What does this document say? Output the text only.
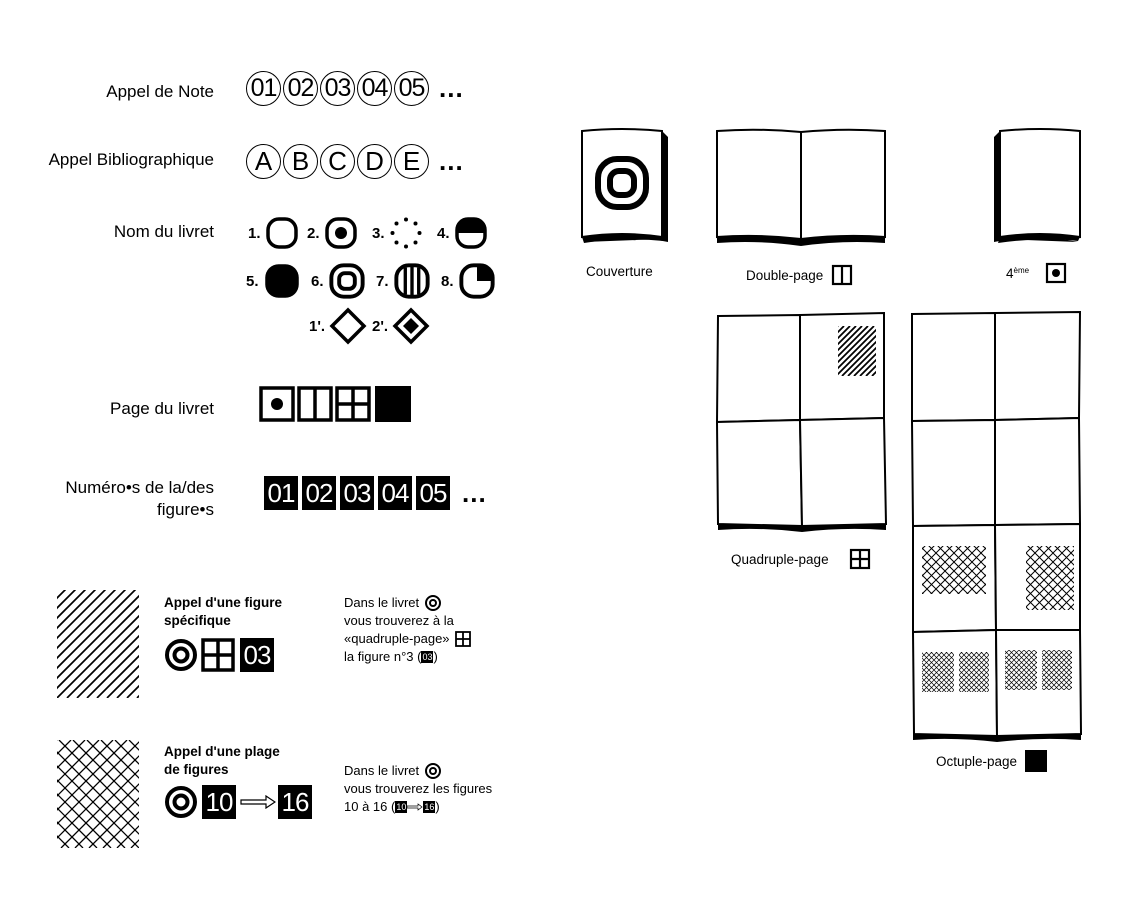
Appel de Note 01 02 03 04 05 ...
Appel Bibliographique	A B C D E ...
Nom du livret 1.	2.	3.	4.
5.	6.	7.	8.
1'.	2'.
Page du livret
Numéro•s de la/des
figure•s
01 02 03 04 05 ...
Appel d'une figure
spécifique
03
Dans le livret
vous trouverez à la
«quadruple-page»
la figure n°3 ( 03 )
Appel d'une plage
de figures
10 16
Dans le livret
vous trouverez les figures
10 à 16 ( 10 16 )
Couverture	Double-page	4ème
Quadruple-page
Octuple-page
